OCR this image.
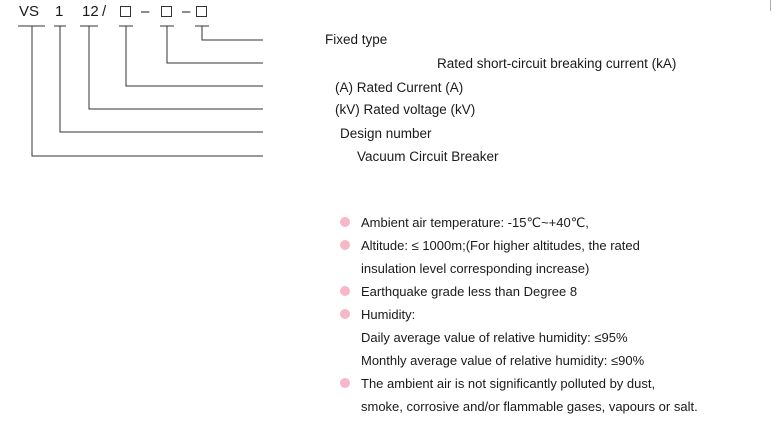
VS 1 12 / – –
Fixed type
Rated short-circuit breaking current (kA)
(A) Rated Current (A)
(kV) Rated voltage (kV)
Design number
Vacuum Circuit Breaker
Ambient air temperature: -15℃~+40℃,
Altitude: ≤ 1000m;(For higher altitudes, the rated
insulation level corresponding increase)
Earthquake grade less than Degree 8
Humidity:
Daily average value of relative humidity: ≤95%
Monthly average value of relative humidity: ≤90%
The ambient air is not significantly polluted by dust,
smoke, corrosive and/or flammable gases, vapours or salt.
